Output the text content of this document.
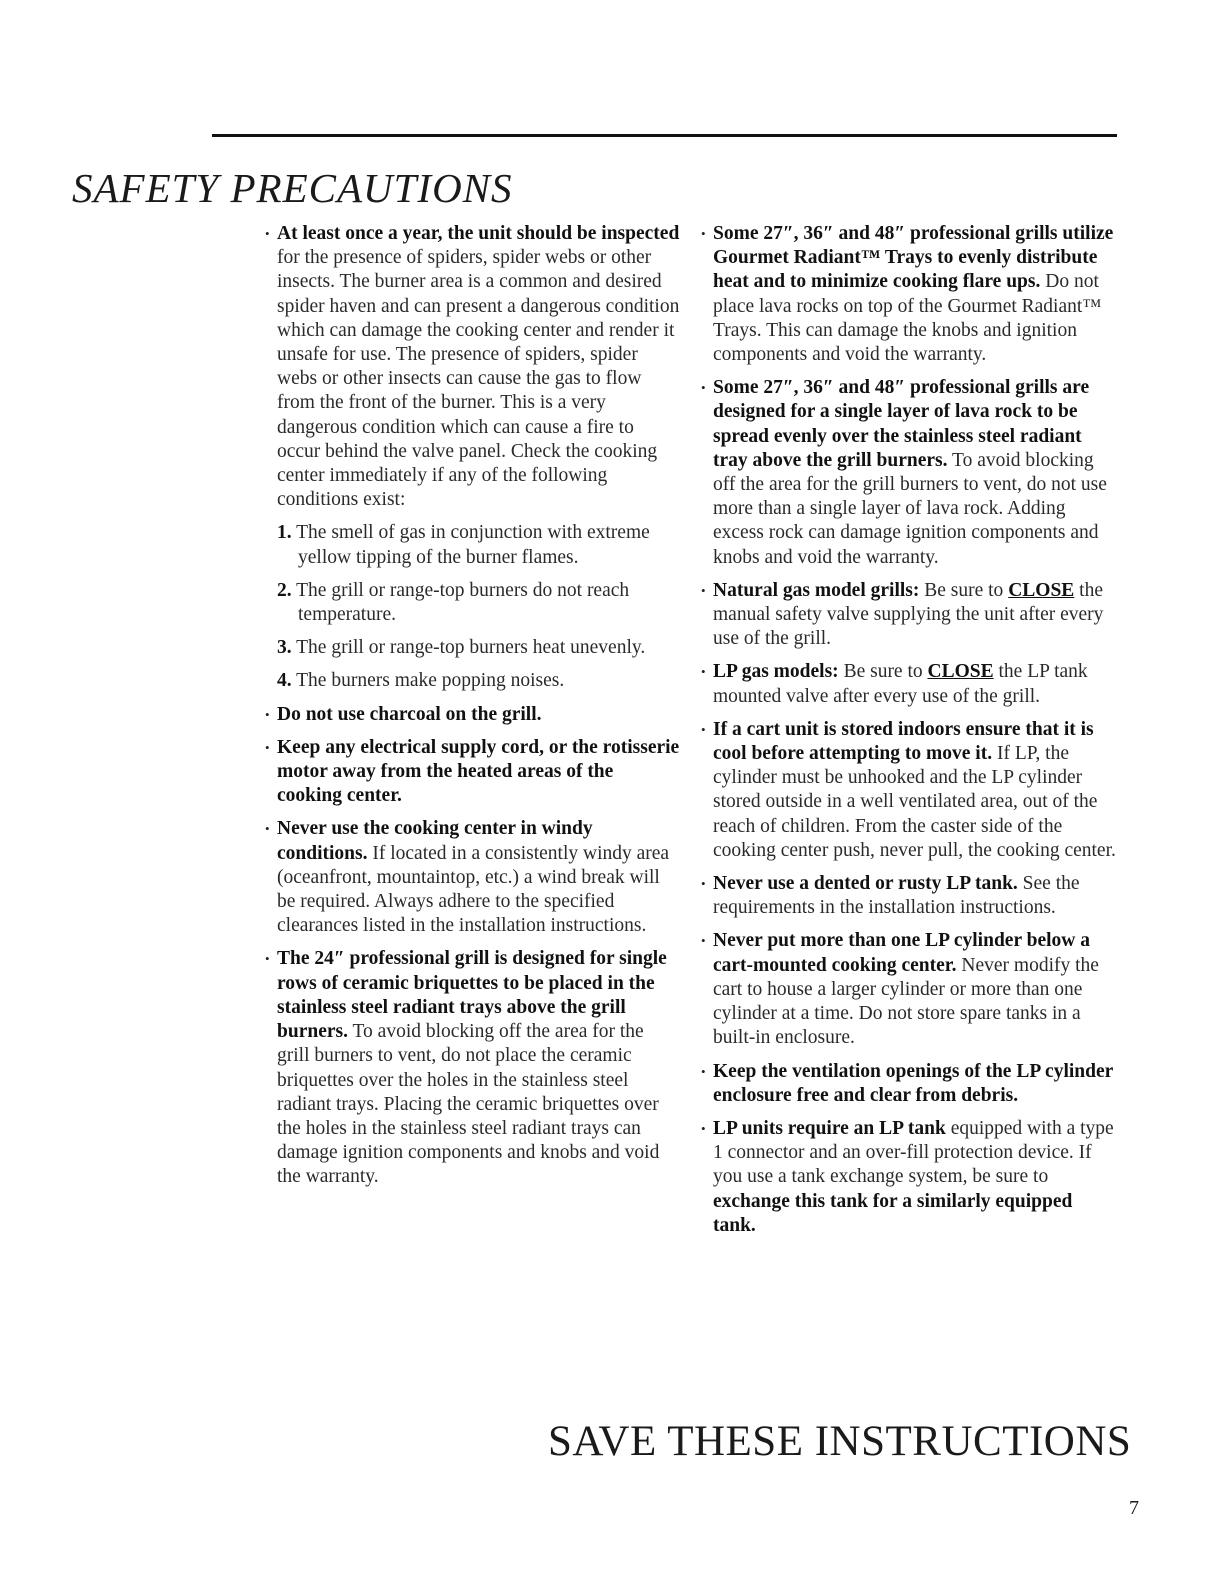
SAFETY PRECAUTIONS

• At least once a year, the unit should be inspected for the presence of spiders, spider webs or other insects. The burner area is a common and desired spider haven and can present a dangerous condition which can damage the cooking center and render it unsafe for use. The presence of spiders, spider webs or other insects can cause the gas to flow from the front of the burner. This is a very dangerous condition which can cause a fire to occur behind the valve panel. Check the cooking center immediately if any of the following conditions exist:

1. The smell of gas in conjunction with extreme yellow tipping of the burner flames.

2. The grill or range-top burners do not reach temperature.

3. The grill or range-top burners heat unevenly.

4. The burners make popping noises.

• Do not use charcoal on the grill.

• Keep any electrical supply cord, or the rotisserie motor away from the heated areas of the cooking center.

• Never use the cooking center in windy conditions. If located in a consistently windy area (oceanfront, mountaintop, etc.) a wind break will be required. Always adhere to the specified clearances listed in the installation instructions.

• The 24″ professional grill is designed for single rows of ceramic briquettes to be placed in the stainless steel radiant trays above the grill burners. To avoid blocking off the area for the grill burners to vent, do not place the ceramic briquettes over the holes in the stainless steel radiant trays. Placing the ceramic briquettes over the holes in the stainless steel radiant trays can damage ignition components and knobs and void the warranty.

• Some 27″, 36″ and 48″ professional grills utilize Gourmet Radiant™ Trays to evenly distribute heat and to minimize cooking flare ups. Do not place lava rocks on top of the Gourmet Radiant™ Trays. This can damage the knobs and ignition components and void the warranty.

• Some 27″, 36″ and 48″ professional grills are designed for a single layer of lava rock to be spread evenly over the stainless steel radiant tray above the grill burners. To avoid blocking off the area for the grill burners to vent, do not use more than a single layer of lava rock. Adding excess rock can damage ignition components and knobs and void the warranty.

• Natural gas model grills: Be sure to CLOSE the manual safety valve supplying the unit after every use of the grill.

• LP gas models: Be sure to CLOSE the LP tank mounted valve after every use of the grill.

• If a cart unit is stored indoors ensure that it is cool before attempting to move it. If LP, the cylinder must be unhooked and the LP cylinder stored outside in a well ventilated area, out of the reach of children. From the caster side of the cooking center push, never pull, the cooking center.

• Never use a dented or rusty LP tank. See the requirements in the installation instructions.

• Never put more than one LP cylinder below a cart-mounted cooking center. Never modify the cart to house a larger cylinder or more than one cylinder at a time. Do not store spare tanks in a built-in enclosure.

• Keep the ventilation openings of the LP cylinder enclosure free and clear from debris.

• LP units require an LP tank equipped with a type 1 connector and an over-fill protection device. If you use a tank exchange system, be sure to exchange this tank for a similarly equipped tank.

SAVE THESE INSTRUCTIONS
7
